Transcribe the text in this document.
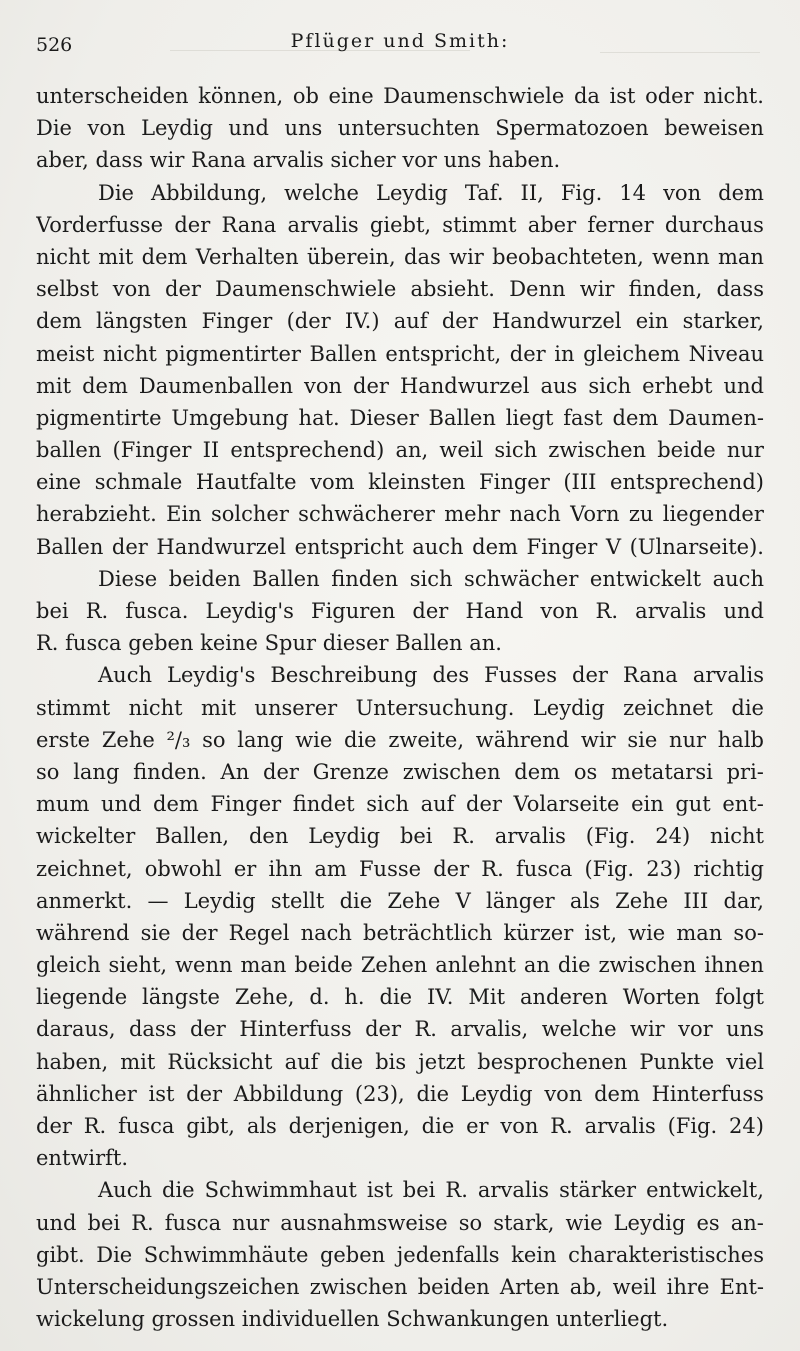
526	Pflüger und Smith:
unterscheiden können, ob eine Daumenschwiele da ist oder nicht.
Die von Leydig und uns untersuchten Spermatozoen beweisen
aber, dass wir Rana arvalis sicher vor uns haben.
Die Abbildung, welche Leydig Taf. II, Fig. 14 von dem
Vorderfusse der Rana arvalis giebt, stimmt aber ferner durchaus
nicht mit dem Verhalten überein, das wir beobachteten, wenn man
selbst von der Daumenschwiele absieht. Denn wir finden, dass
dem längsten Finger (der IV.) auf der Handwurzel ein starker,
meist nicht pigmentirter Ballen entspricht, der in gleichem Niveau
mit dem Daumenballen von der Handwurzel aus sich erhebt und
pigmentirte Umgebung hat. Dieser Ballen liegt fast dem Daumen-
ballen (Finger II entsprechend) an, weil sich zwischen beide nur
eine schmale Hautfalte vom kleinsten Finger (III entsprechend)
herabzieht. Ein solcher schwächerer mehr nach Vorn zu liegender
Ballen der Handwurzel entspricht auch dem Finger V (Ulnarseite).
Diese beiden Ballen finden sich schwächer entwickelt auch
bei R. fusca. Leydig's Figuren der Hand von R. arvalis und
R. fusca geben keine Spur dieser Ballen an.
Auch Leydig's Beschreibung des Fusses der Rana arvalis
stimmt nicht mit unserer Untersuchung. Leydig zeichnet die
erste Zehe ²/₃ so lang wie die zweite, während wir sie nur halb
so lang finden. An der Grenze zwischen dem os metatarsi pri-
mum und dem Finger findet sich auf der Volarseite ein gut ent-
wickelter Ballen, den Leydig bei R. arvalis (Fig. 24) nicht
zeichnet, obwohl er ihn am Fusse der R. fusca (Fig. 23) richtig
anmerkt. — Leydig stellt die Zehe V länger als Zehe III dar,
während sie der Regel nach beträchtlich kürzer ist, wie man so-
gleich sieht, wenn man beide Zehen anlehnt an die zwischen ihnen
liegende längste Zehe, d. h. die IV. Mit anderen Worten folgt
daraus, dass der Hinterfuss der R. arvalis, welche wir vor uns
haben, mit Rücksicht auf die bis jetzt besprochenen Punkte viel
ähnlicher ist der Abbildung (23), die Leydig von dem Hinterfuss
der R. fusca gibt, als derjenigen, die er von R. arvalis (Fig. 24)
entwirft.
Auch die Schwimmhaut ist bei R. arvalis stärker entwickelt,
und bei R. fusca nur ausnahmsweise so stark, wie Leydig es an-
gibt. Die Schwimmhäute geben jedenfalls kein charakteristisches
Unterscheidungszeichen zwischen beiden Arten ab, weil ihre Ent-
wickelung grossen individuellen Schwankungen unterliegt.
